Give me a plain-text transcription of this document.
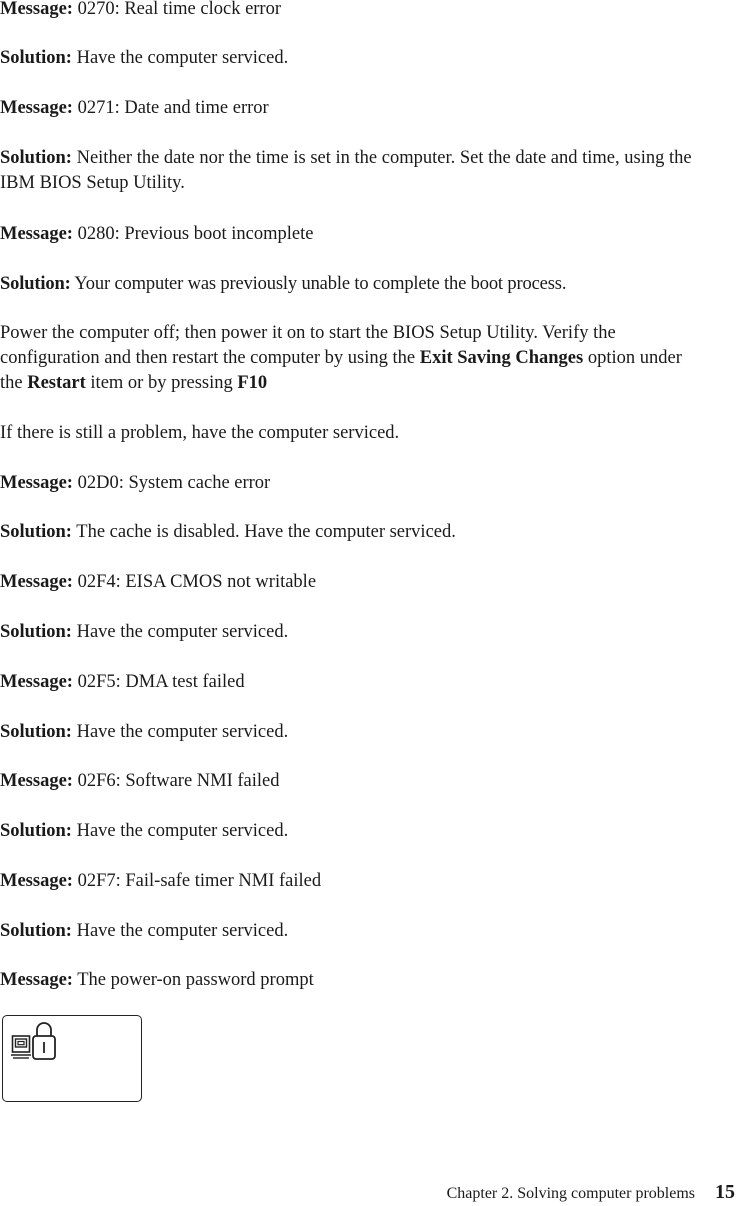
Message: 0270: Real time clock error

Solution: Have the computer serviced.

Message: 0271: Date and time error

Solution: Neither the date nor the time is set in the computer. Set the date and time, using the IBM BIOS Setup Utility.

Message: 0280: Previous boot incomplete

Solution: Your computer was previously unable to complete the boot process.

Power the computer off; then power it on to start the BIOS Setup Utility. Verify the configuration and then restart the computer by using the Exit Saving Changes option under the Restart item or by pressing F10

If there is still a problem, have the computer serviced.

Message: 02D0: System cache error

Solution: The cache is disabled. Have the computer serviced.

Message: 02F4: EISA CMOS not writable

Solution: Have the computer serviced.

Message: 02F5: DMA test failed

Solution: Have the computer serviced.

Message: 02F6: Software NMI failed

Solution: Have the computer serviced.

Message: 02F7: Fail-safe timer NMI failed

Solution: Have the computer serviced.

Message: The power-on password prompt

Chapter 2. Solving computer problems 15
